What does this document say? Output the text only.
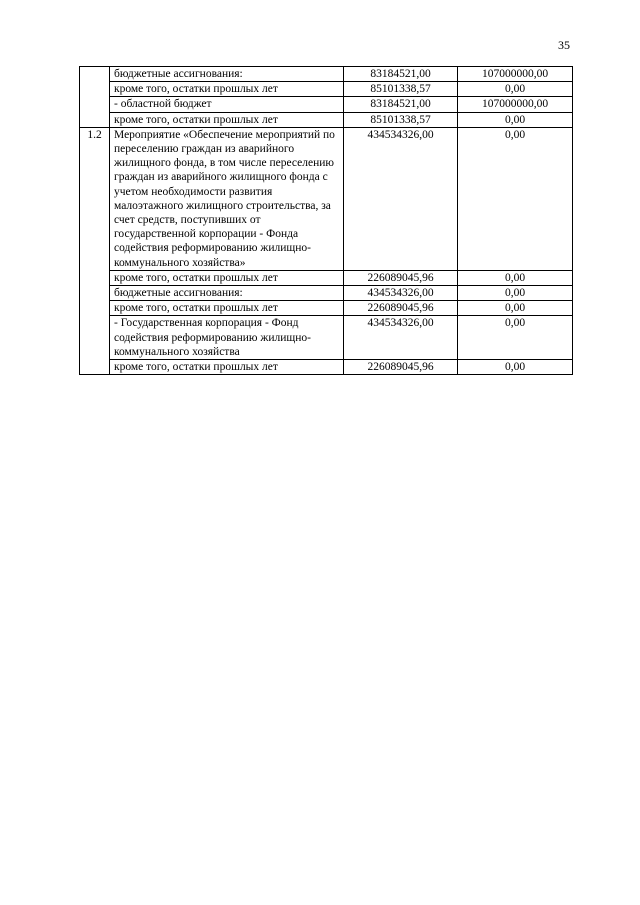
35
	бюджетные ассигнования:	83184521,00	107000000,00
	кроме того, остатки прошлых лет	85101338,57	0,00
	- областной бюджет	83184521,00	107000000,00
	кроме того, остатки прошлых лет	85101338,57	0,00
1.2	Мероприятие «Обеспечение мероприятий по переселению граждан из аварийного жилищного фонда, в том числе переселению граждан из аварийного жилищного фонда с учетом необходимости развития малоэтажного жилищного строительства, за счет средств, поступивших от государственной корпорации - Фонда содействия реформированию жилищно-коммунального хозяйства»	434534326,00	0,00
	кроме того, остатки прошлых лет	226089045,96	0,00
	бюджетные ассигнования:	434534326,00	0,00
	кроме того, остатки прошлых лет	226089045,96	0,00
	- Государственная корпорация - Фонд содействия реформированию жилищно-коммунального хозяйства	434534326,00	0,00
	кроме того, остатки прошлых лет	226089045,96	0,00
